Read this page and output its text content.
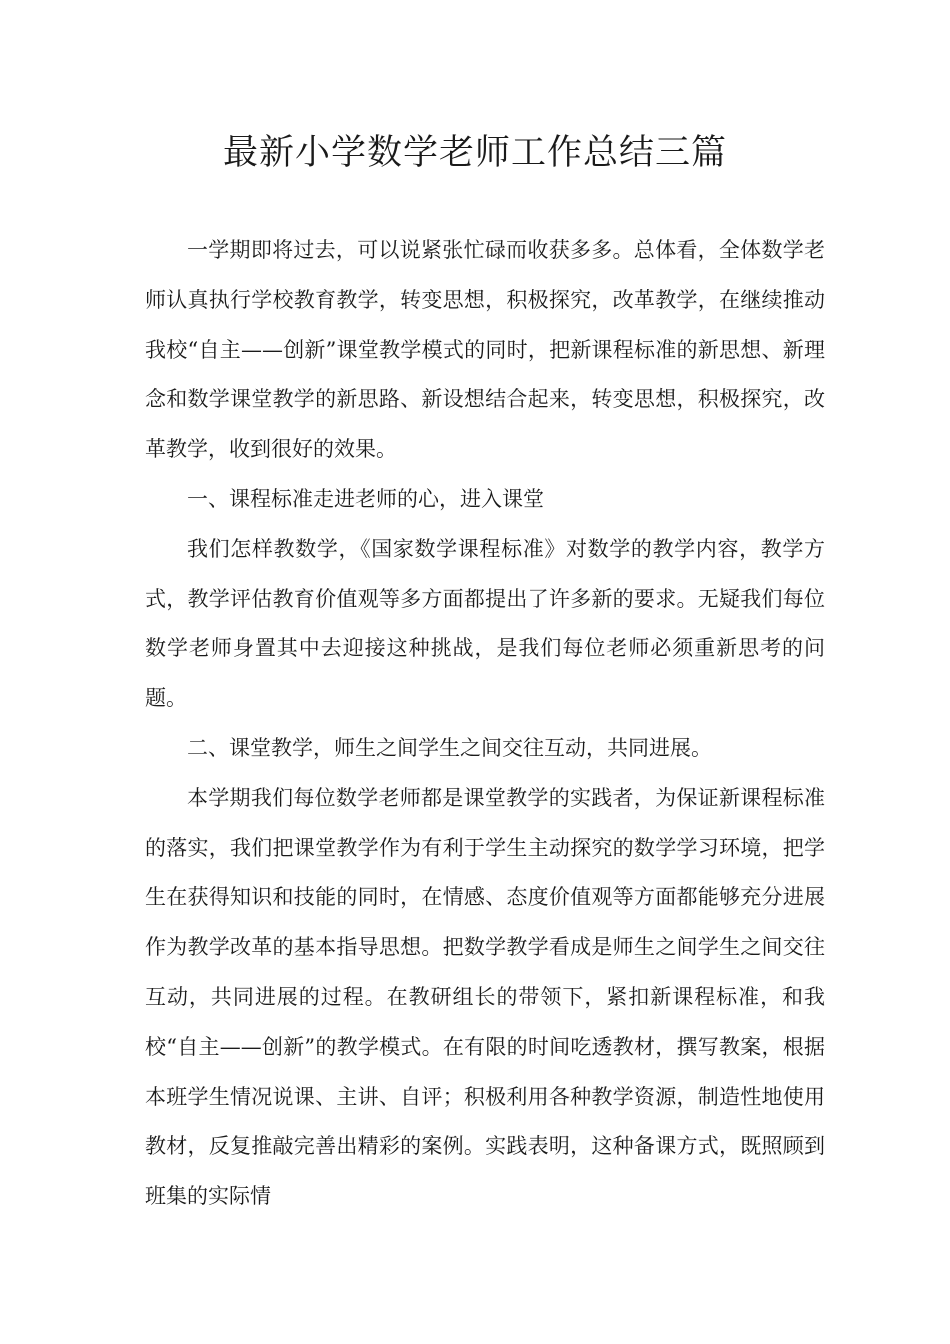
最新小学数学老师工作总结三篇

一学期即将过去，可以说紧张忙碌而收获多多。总体看，全体数学老师认真执行学校教育教学，转变思想，积极探究，改革教学，在继续推动我校“自主——创新”课堂教学模式的同时，把新课程标准的新思想、新理念和数学课堂教学的新思路、新设想结合起来，转变思想，积极探究，改革教学，收到很好的效果。

一、课程标准走进老师的心，进入课堂

我们怎样教数学，《国家数学课程标准》对数学的教学内容，教学方式，教学评估教育价值观等多方面都提出了许多新的要求。无疑我们每位数学老师身置其中去迎接这种挑战，是我们每位老师必须重新思考的问题。

二、课堂教学，师生之间学生之间交往互动，共同进展。

本学期我们每位数学老师都是课堂教学的实践者，为保证新课程标准的落实，我们把课堂教学作为有利于学生主动探究的数学学习环境，把学生在获得知识和技能的同时，在情感、态度价值观等方面都能够充分进展作为教学改革的基本指导思想。把数学教学看成是师生之间学生之间交往互动，共同进展的过程。在教研组长的带领下，紧扣新课程标准，和我校“自主——创新”的教学模式。在有限的时间吃透教材，撰写教案，根据本班学生情况说课、主讲、自评；积极利用各种教学资源，制造性地使用教材，反复推敲完善出精彩的案例。实践表明，这种备课方式，既照顾到班集的实际情
